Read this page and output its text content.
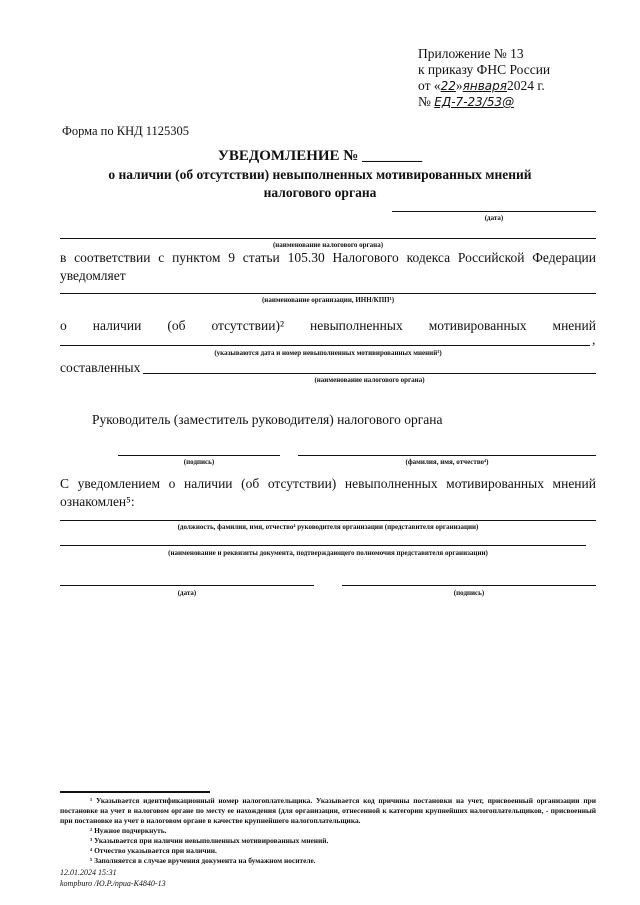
Приложение № 13
к приказу ФНС России
от «22»января2024 г.
№ ЕД-7-23/53@
Форма по КНД 1125305
УВЕДОМЛЕНИЕ № ________
о наличии (об отсутствии) невыполненных мотивированных мнений
налогового органа
(дата)
(наименование налогового органа)
в соответствии с пунктом 9 статьи 105.30 Налогового кодекса Российской Федерации
уведомляет
(наименование организации, ИНН/КПП¹)
о наличии (об отсутствии)² невыполненных мотивированных мнений
,
(указываются дата и номер невыполненных мотивированных мнений³)
составленных
(наименование налогового органа)
Руководитель (заместитель руководителя) налогового органа
(подпись)	(фамилия, имя, отчество⁴)
С уведомлением о наличии (об отсутствии) невыполненных мотивированных мнений
ознакомлен⁵:
(должность, фамилия, имя, отчество⁴ руководителя организации (представителя организации)
(наименование и реквизиты документа, подтверждающего полномочия представителя организации)
(дата)	(подпись)
¹ Указывается идентификационный номер налогоплательщика. Указывается код причины постановки на учет, присвоенный организации при постановке на учет в налоговом органе по месту ее нахождения (для организации, отнесенной к категории крупнейших налогоплательщиков, - присвоенный при постановке на учет в налоговом органе в качестве крупнейшего налогоплательщика.
² Нужное подчеркнуть.
³ Указывается при наличии невыполненных мотивированных мнений.
⁴ Отчество указывается при наличии.
⁵ Заполняется в случае вручения документа на бумажном носителе.
12.01.2024 15:31
kompburo /Ю.Р./npua-K4840-13
